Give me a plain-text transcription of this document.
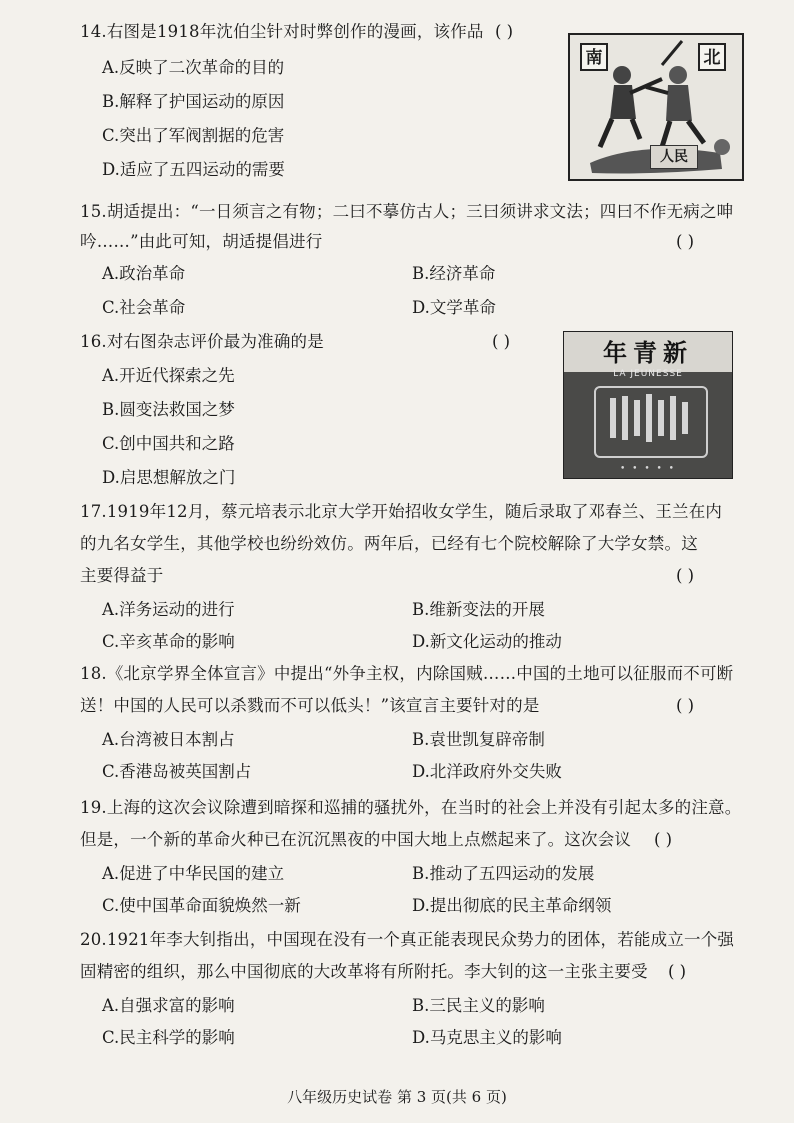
14.右图是1918年沈伯尘针对时弊创作的漫画，该作品 ( )
A.反映了二次革命的目的
B.解释了护国运动的原因
C.突出了军阀割据的危害
D.适应了五四运动的需要
南	北
人民
15.胡适提出：“一日须言之有物；二曰不摹仿古人；三曰须讲求文法；四曰不作无病之呻
吟……”由此可知，胡适提倡进行	( )
A.政治革命	B.经济革命
C.社会革命	D.文学革命
16.对右图杂志评价最为准确的是	( )
A.开近代探索之先
B.圆变法救国之梦
C.创中国共和之路
D.启思想解放之门
年青新
LA JEUNESSE
• • • • •
17.1919年12月，蔡元培表示北京大学开始招收女学生，随后录取了邓春兰、王兰在内
的九名女学生，其他学校也纷纷效仿。两年后，已经有七个院校解除了大学女禁。这
主要得益于	( )
A.洋务运动的进行	B.维新变法的开展
C.辛亥革命的影响	D.新文化运动的推动
18.《北京学界全体宣言》中提出“外争主权，内除国贼……中国的土地可以征服而不可断
送！中国的人民可以杀戮而不可以低头！”该宣言主要针对的是	( )
A.台湾被日本割占	B.袁世凯复辟帝制
C.香港岛被英国割占	D.北洋政府外交失败
19.上海的这次会议除遭到暗探和巡捕的骚扰外，在当时的社会上并没有引起太多的注意。
但是，一个新的革命火种已在沉沉黑夜的中国大地上点燃起来了。这次会议 ( )
A.促进了中华民国的建立	B.推动了五四运动的发展
C.使中国革命面貌焕然一新	D.提出彻底的民主革命纲领
20.1921年李大钊指出，中国现在没有一个真正能表现民众势力的团体，若能成立一个强
固精密的组织，那么中国彻底的大改革将有所附托。李大钊的这一主张主要受 ( )
A.自强求富的影响	B.三民主义的影响
C.民主科学的影响	D.马克思主义的影响
八年级历史试卷 第 3 页(共 6 页)
